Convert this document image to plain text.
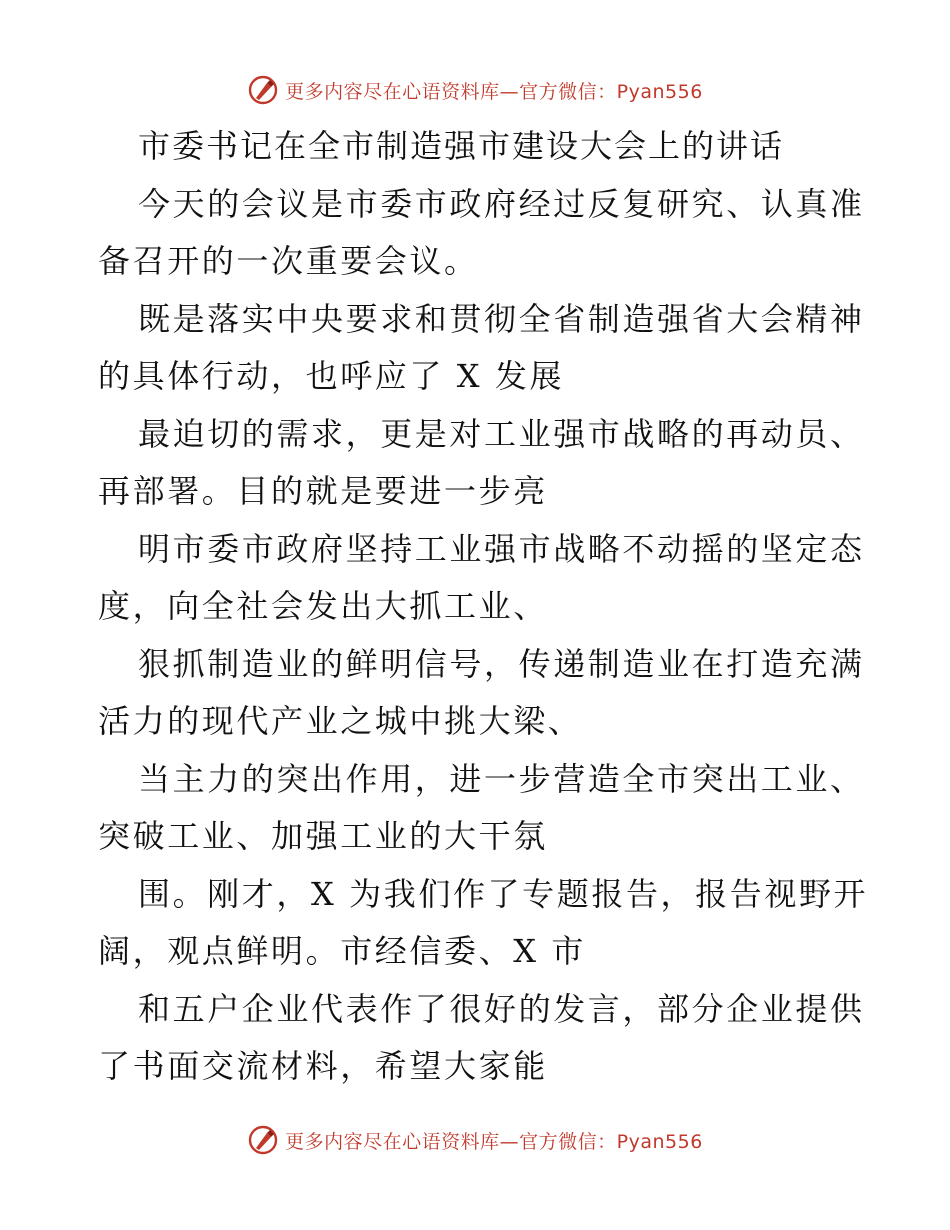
更多内容尽在心语资料库—官方微信：Pyan556
市委书记在全市制造强市建设大会上的讲话
今天的会议是市委市政府经过反复研究、认真准
备召开的一次重要会议。
既是落实中央要求和贯彻全省制造强省大会精神
的具体行动，也呼应了 X 发展
最迫切的需求，更是对工业强市战略的再动员、
再部署。目的就是要进一步亮
明市委市政府坚持工业强市战略不动摇的坚定态
度，向全社会发出大抓工业、
狠抓制造业的鲜明信号，传递制造业在打造充满
活力的现代产业之城中挑大梁、
当主力的突出作用，进一步营造全市突出工业、
突破工业、加强工业的大干氛
围。刚才，X 为我们作了专题报告，报告视野开
阔，观点鲜明。市经信委、X 市
和五户企业代表作了很好的发言，部分企业提供
了书面交流材料，希望大家能
更多内容尽在心语资料库—官方微信：Pyan556
